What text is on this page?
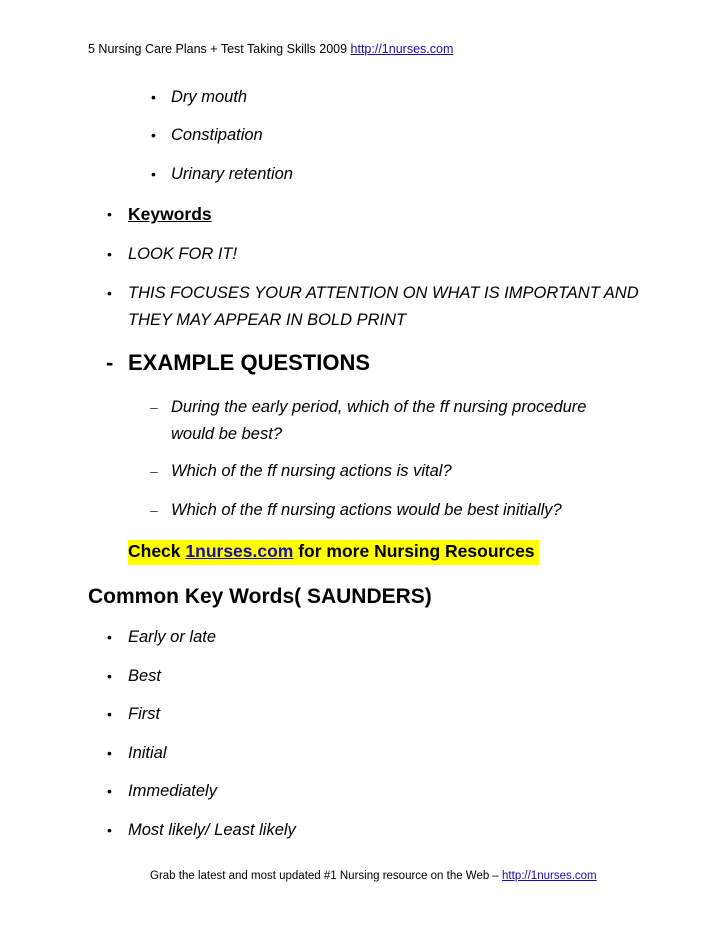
5 Nursing Care Plans + Test Taking Skills 2009 http://1nurses.com
• Dry mouth
• Constipation
• Urinary retention
• Keywords
• LOOK FOR IT!
• THIS FOCUSES YOUR ATTENTION ON WHAT IS IMPORTANT AND
THEY MAY APPEAR IN BOLD PRINT
- EXAMPLE QUESTIONS
– During the early period, which of the ff nursing procedure
would be best?
– Which of the ff nursing actions is vital?
– Which of the ff nursing actions would be best initially?
Check 1nurses.com for more Nursing Resources
Common Key Words( SAUNDERS)
• Early or late
• Best
• First
• Initial
• Immediately
• Most likely/ Least likely
Grab the latest and most updated #1 Nursing resource on the Web – http://1nurses.com
